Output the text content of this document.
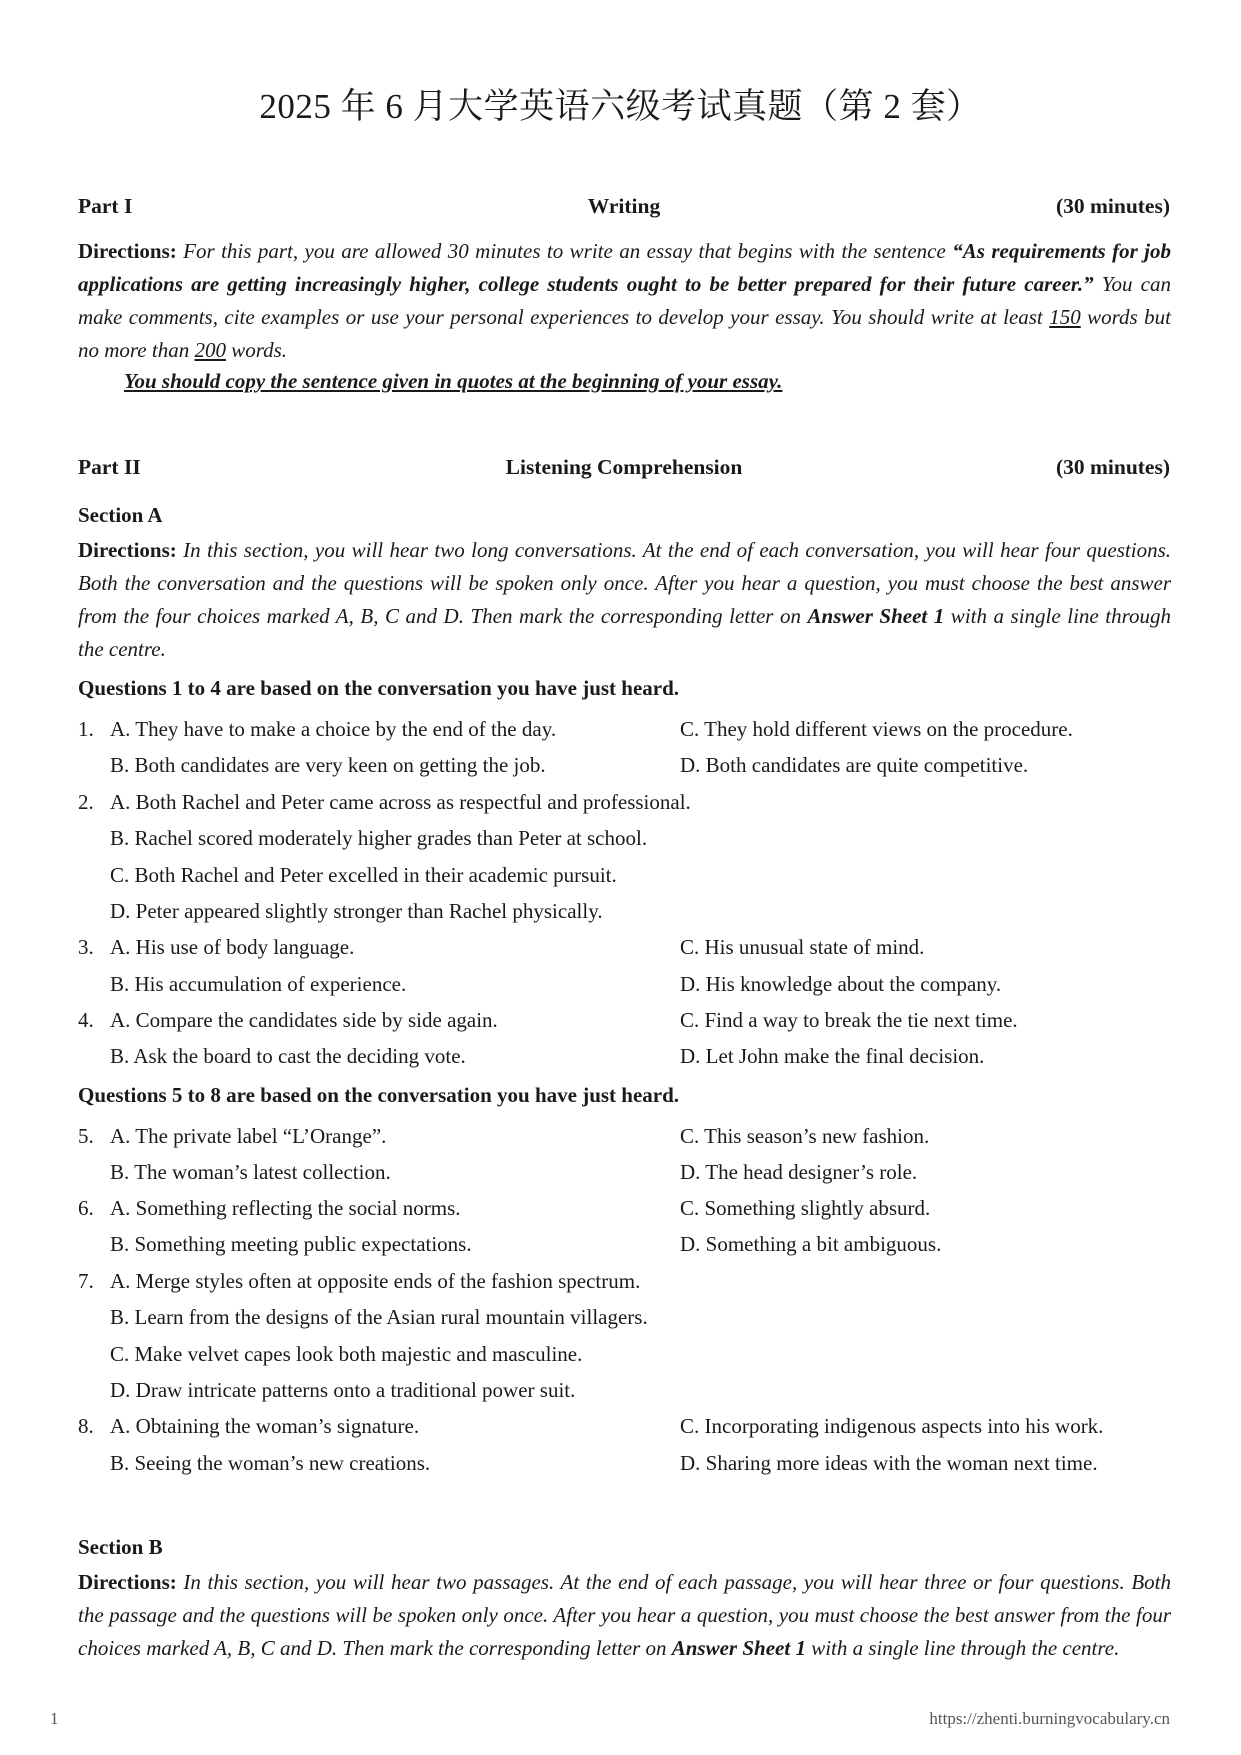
2025 年 6 月大学英语六级考试真题（第 2 套）
Part I	Writing	(30 minutes)
Directions: For this part, you are allowed 30 minutes to write an essay that begins with the sentence “As requirements for job applications are getting increasingly higher, college students ought to be better prepared for their future career.” You can make comments, cite examples or use your personal experiences to develop your essay. You should write at least 150 words but no more than 200 words.
You should copy the sentence given in quotes at the beginning of your essay.
Part II	Listening Comprehension	(30 minutes)
Section A
Directions: In this section, you will hear two long conversations. At the end of each conversation, you will hear four questions. Both the conversation and the questions will be spoken only once. After you hear a question, you must choose the best answer from the four choices marked A, B, C and D. Then mark the corresponding letter on Answer Sheet 1 with a single line through the centre.
Questions 1 to 4 are based on the conversation you have just heard.
1. A. They have to make a choice by the end of the day.	C. They hold different views on the procedure.
B. Both candidates are very keen on getting the job.	D. Both candidates are quite competitive.
2. A. Both Rachel and Peter came across as respectful and professional.
B. Rachel scored moderately higher grades than Peter at school.
C. Both Rachel and Peter excelled in their academic pursuit.
D. Peter appeared slightly stronger than Rachel physically.
3. A. His use of body language.	C. His unusual state of mind.
B. His accumulation of experience.	D. His knowledge about the company.
4. A. Compare the candidates side by side again.	C. Find a way to break the tie next time.
B. Ask the board to cast the deciding vote.	D. Let John make the final decision.
Questions 5 to 8 are based on the conversation you have just heard.
5. A. The private label “L’Orange”.	C. This season’s new fashion.
B. The woman’s latest collection.	D. The head designer’s role.
6. A. Something reflecting the social norms.	C. Something slightly absurd.
B. Something meeting public expectations.	D. Something a bit ambiguous.
7. A. Merge styles often at opposite ends of the fashion spectrum.
B. Learn from the designs of the Asian rural mountain villagers.
C. Make velvet capes look both majestic and masculine.
D. Draw intricate patterns onto a traditional power suit.
8. A. Obtaining the woman’s signature.	C. Incorporating indigenous aspects into his work.
B. Seeing the woman’s new creations.	D. Sharing more ideas with the woman next time.
Section B
Directions: In this section, you will hear two passages. At the end of each passage, you will hear three or four questions. Both the passage and the questions will be spoken only once. After you hear a question, you must choose the best answer from the four choices marked A, B, C and D. Then mark the corresponding letter on Answer Sheet 1 with a single line through the centre.
1	https://zhenti.burningvocabulary.cn
